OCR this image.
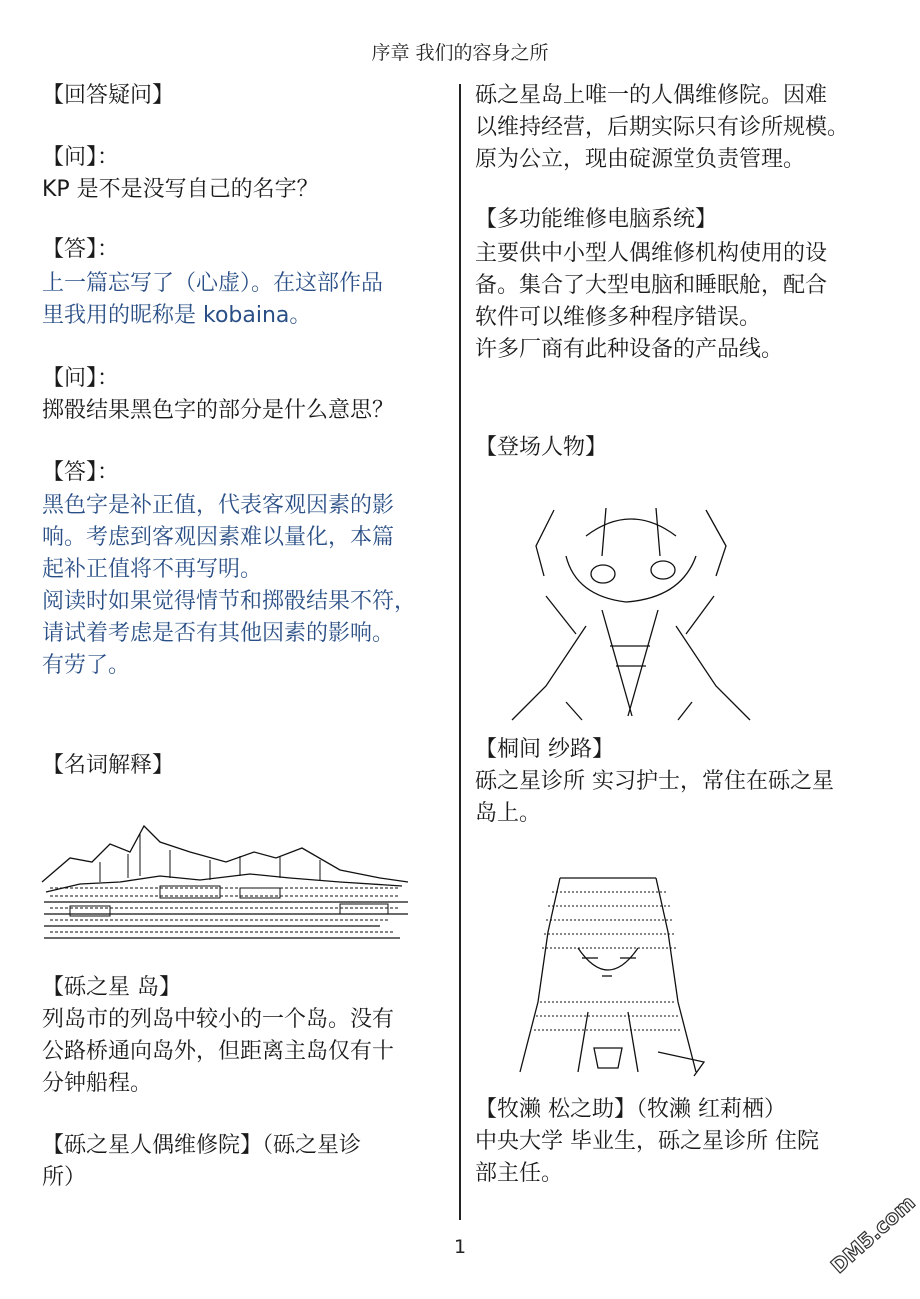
序章 我们的容身之所
【回答疑问】
【问】：
KP 是不是没写自己的名字？
【答】：
上一篇忘写了（心虚）。在这部作品
里我用的昵称是 kobaina。
【问】：
掷骰结果黑色字的部分是什么意思？
【答】：
黑色字是补正值，代表客观因素的影
响。考虑到客观因素难以量化，本篇
起补正值将不再写明。
阅读时如果觉得情节和掷骰结果不符，
请试着考虑是否有其他因素的影响。
有劳了。
【名词解释】
【砾之星 岛】
列岛市的列岛中较小的一个岛。没有
公路桥通向岛外，但距离主岛仅有十
分钟船程。
【砾之星人偶维修院】（砾之星诊
所）
砾之星岛上唯一的人偶维修院。因难
以维持经营，后期实际只有诊所规模。
原为公立，现由碇源堂负责管理。
【多功能维修电脑系统】
主要供中小型人偶维修机构使用的设
备。集合了大型电脑和睡眠舱，配合
软件可以维修多种程序错误。
许多厂商有此种设备的产品线。
【登场人物】
【桐间 纱路】
砾之星诊所 实习护士，常住在砾之星
岛上。
【牧濑 松之助】（牧濑 红莉栖）
中央大学 毕业生，砾之星诊所 住院
部主任。
1	DM5.com
